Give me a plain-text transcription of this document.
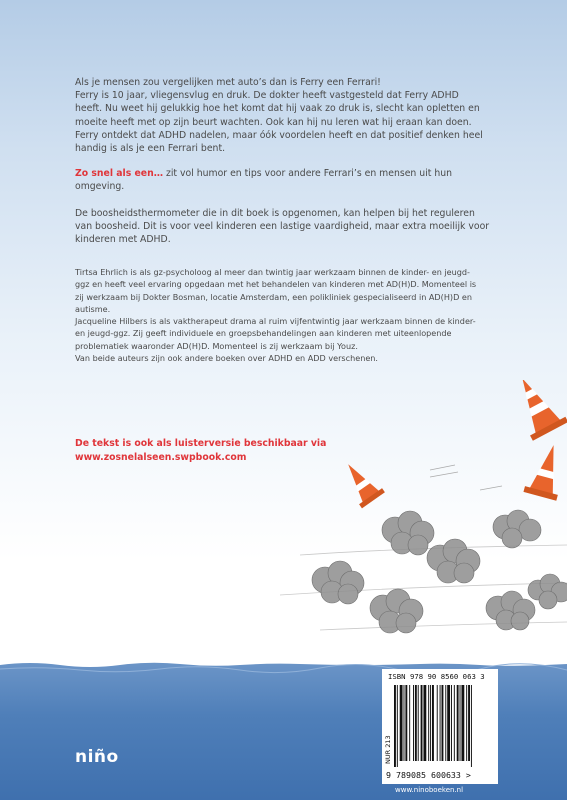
Als je mensen zou vergelijken met auto’s dan is Ferry een Ferrari!
Ferry is 10 jaar, vliegensvlug en druk. De dokter heeft vastgesteld dat Ferry ADHD
heeft. Nu weet hij gelukkig hoe het komt dat hij vaak zo druk is, slecht kan opletten en
moeite heeft met op zijn beurt wachten. Ook kan hij nu leren wat hij eraan kan doen.
Ferry ontdekt dat ADHD nadelen, maar óók voordelen heeft en dat positief denken heel
handig is als je een Ferrari bent.
Zo snel als een… zit vol humor en tips voor andere Ferrari’s en mensen uit hun
omgeving.
De boosheidsthermometer die in dit boek is opgenomen, kan helpen bij het reguleren
van boosheid. Dit is voor veel kinderen een lastige vaardigheid, maar extra moeilijk voor
kinderen met ADHD.
Tirtsa Ehrlich is als gz-psycholoog al meer dan twintig jaar werkzaam binnen de kinder- en jeugd-
ggz en heeft veel ervaring opgedaan met het behandelen van kinderen met AD(H)D. Momenteel is
zij werkzaam bij Dokter Bosman, locatie Amsterdam, een polikliniek gespecialiseerd in AD(H)D en
autisme.
Jacqueline Hilbers is als vaktherapeut drama al ruim vijfentwintig jaar werkzaam binnen de kinder-
en jeugd-ggz. Zij geeft individuele en groepsbehandelingen aan kinderen met uiteenlopende
problematiek waaronder AD(H)D. Momenteel is zij werkzaam bij Youz.
Van beide auteurs zijn ook andere boeken over ADHD en ADD verschenen.
De tekst is ook als luisterversie beschikbaar via
www.zosnelalseen.swpbook.com
niño
ISBN 978 90 8560 063 3
NUR 213
9 789085 600633 >
www.ninoboeken.nl
